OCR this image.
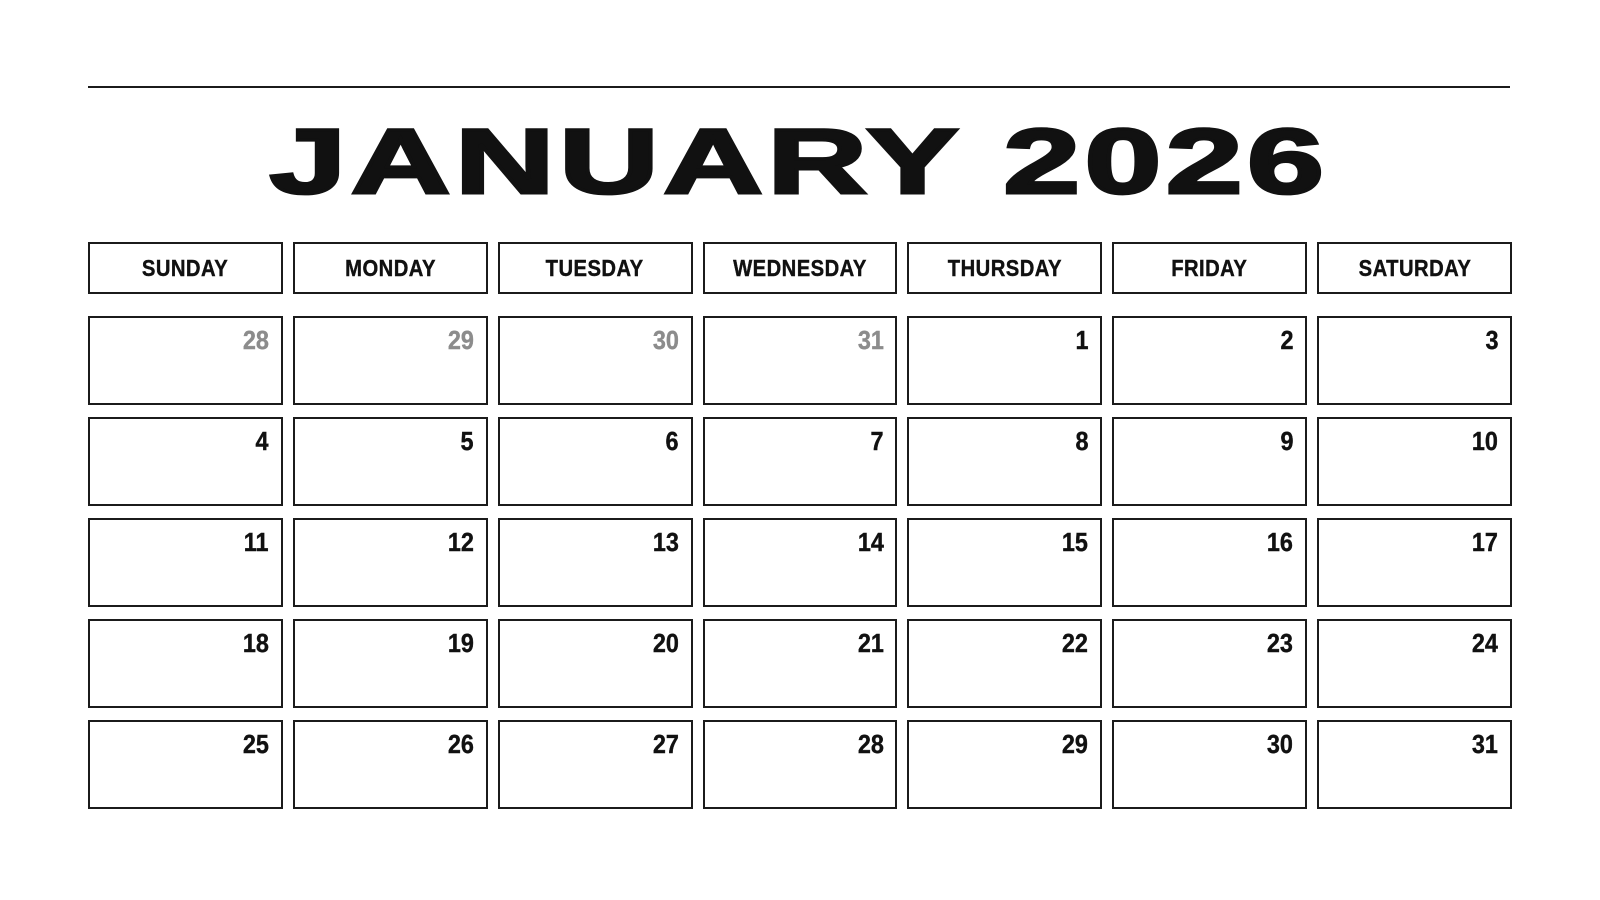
JANUARY 2026
SUNDAY	MONDAY	TUESDAY	WEDNESDAY	THURSDAY	FRIDAY	SATURDAY
28	29	30	31	1	2	3
4	5	6	7	8	9	10
11	12	13	14	15	16	17
18	19	20	21	22	23	24
25	26	27	28	29	30	31
